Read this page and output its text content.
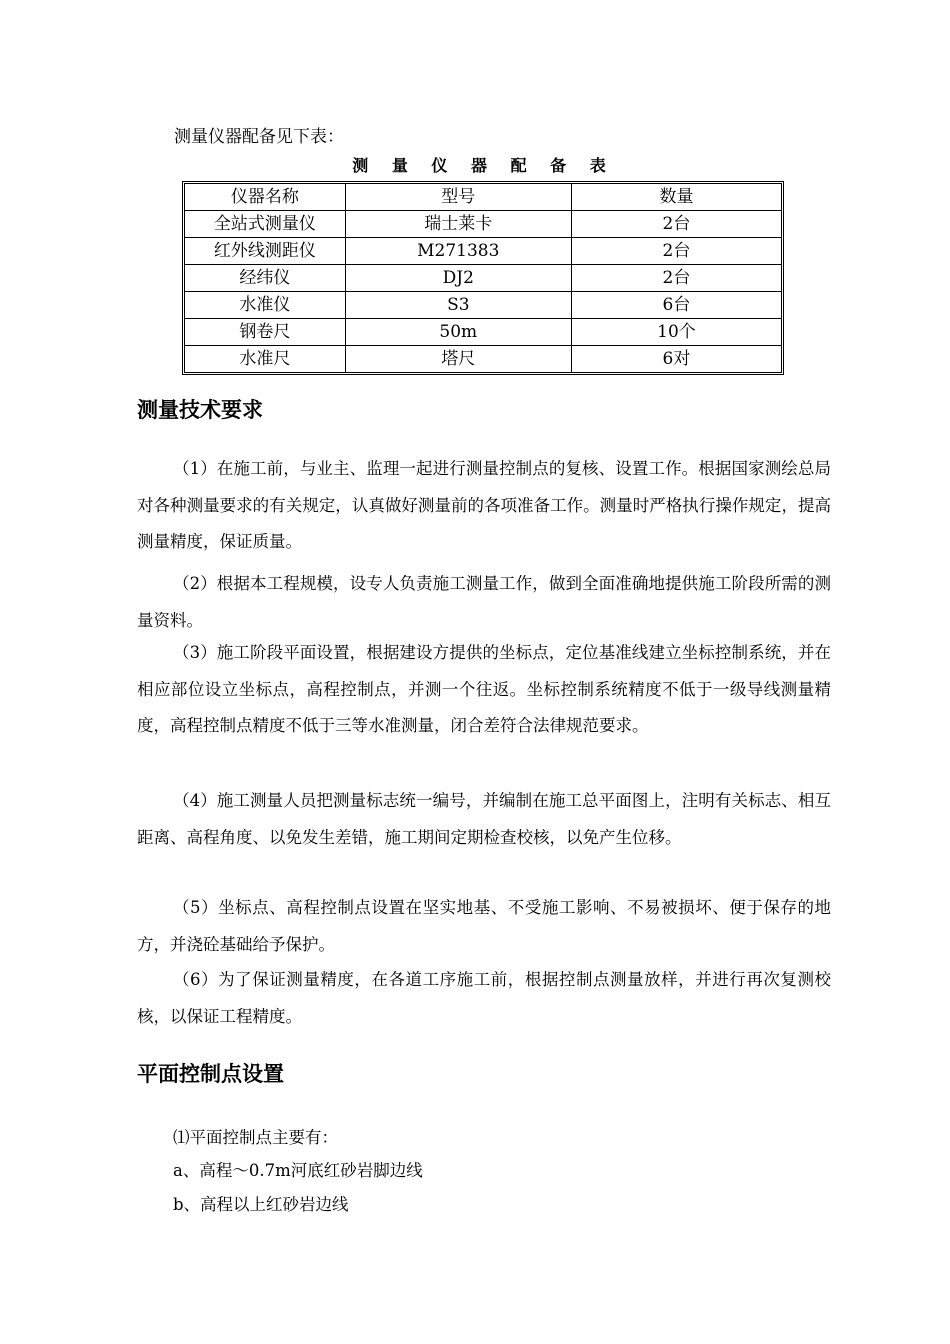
测量仪器配备见下表：
测 量 仪 器 配 备 表
仪器名称	型号	数量
全站式测量仪	瑞士莱卡	2台
红外线测距仪	M271383	2台
经纬仪	DJ2	2台
水准仪	S3	6台
钢卷尺	50m	10个
水准尺	塔尺	6对
测量技术要求

（1）在施工前，与业主、监理一起进行测量控制点的复核、设置工作。根据国家测绘总局对各种测量要求的有关规定，认真做好测量前的各项准备工作。测量时严格执行操作规定，提高测量精度，保证质量。

（2）根据本工程规模，设专人负责施工测量工作，做到全面准确地提供施工阶段所需的测量资料。

（3）施工阶段平面设置，根据建设方提供的坐标点，定位基准线建立坐标控制系统，并在相应部位设立坐标点，高程控制点，并测一个往返。坐标控制系统精度不低于一级导线测量精度，高程控制点精度不低于三等水准测量，闭合差符合法律规范要求。

（4）施工测量人员把测量标志统一编号，并编制在施工总平面图上，注明有关标志、相互距离、高程角度、以免发生差错，施工期间定期检查校核，以免产生位移。

（5）坐标点、高程控制点设置在坚实地基、不受施工影响、不易被损坏、便于保存的地方，并浇砼基础给予保护。

（6）为了保证测量精度，在各道工序施工前，根据控制点测量放样，并进行再次复测校核，以保证工程精度。

平面控制点设置
⑴平面控制点主要有：
a、高程～0.7m河底红砂岩脚边线
b、高程以上红砂岩边线
